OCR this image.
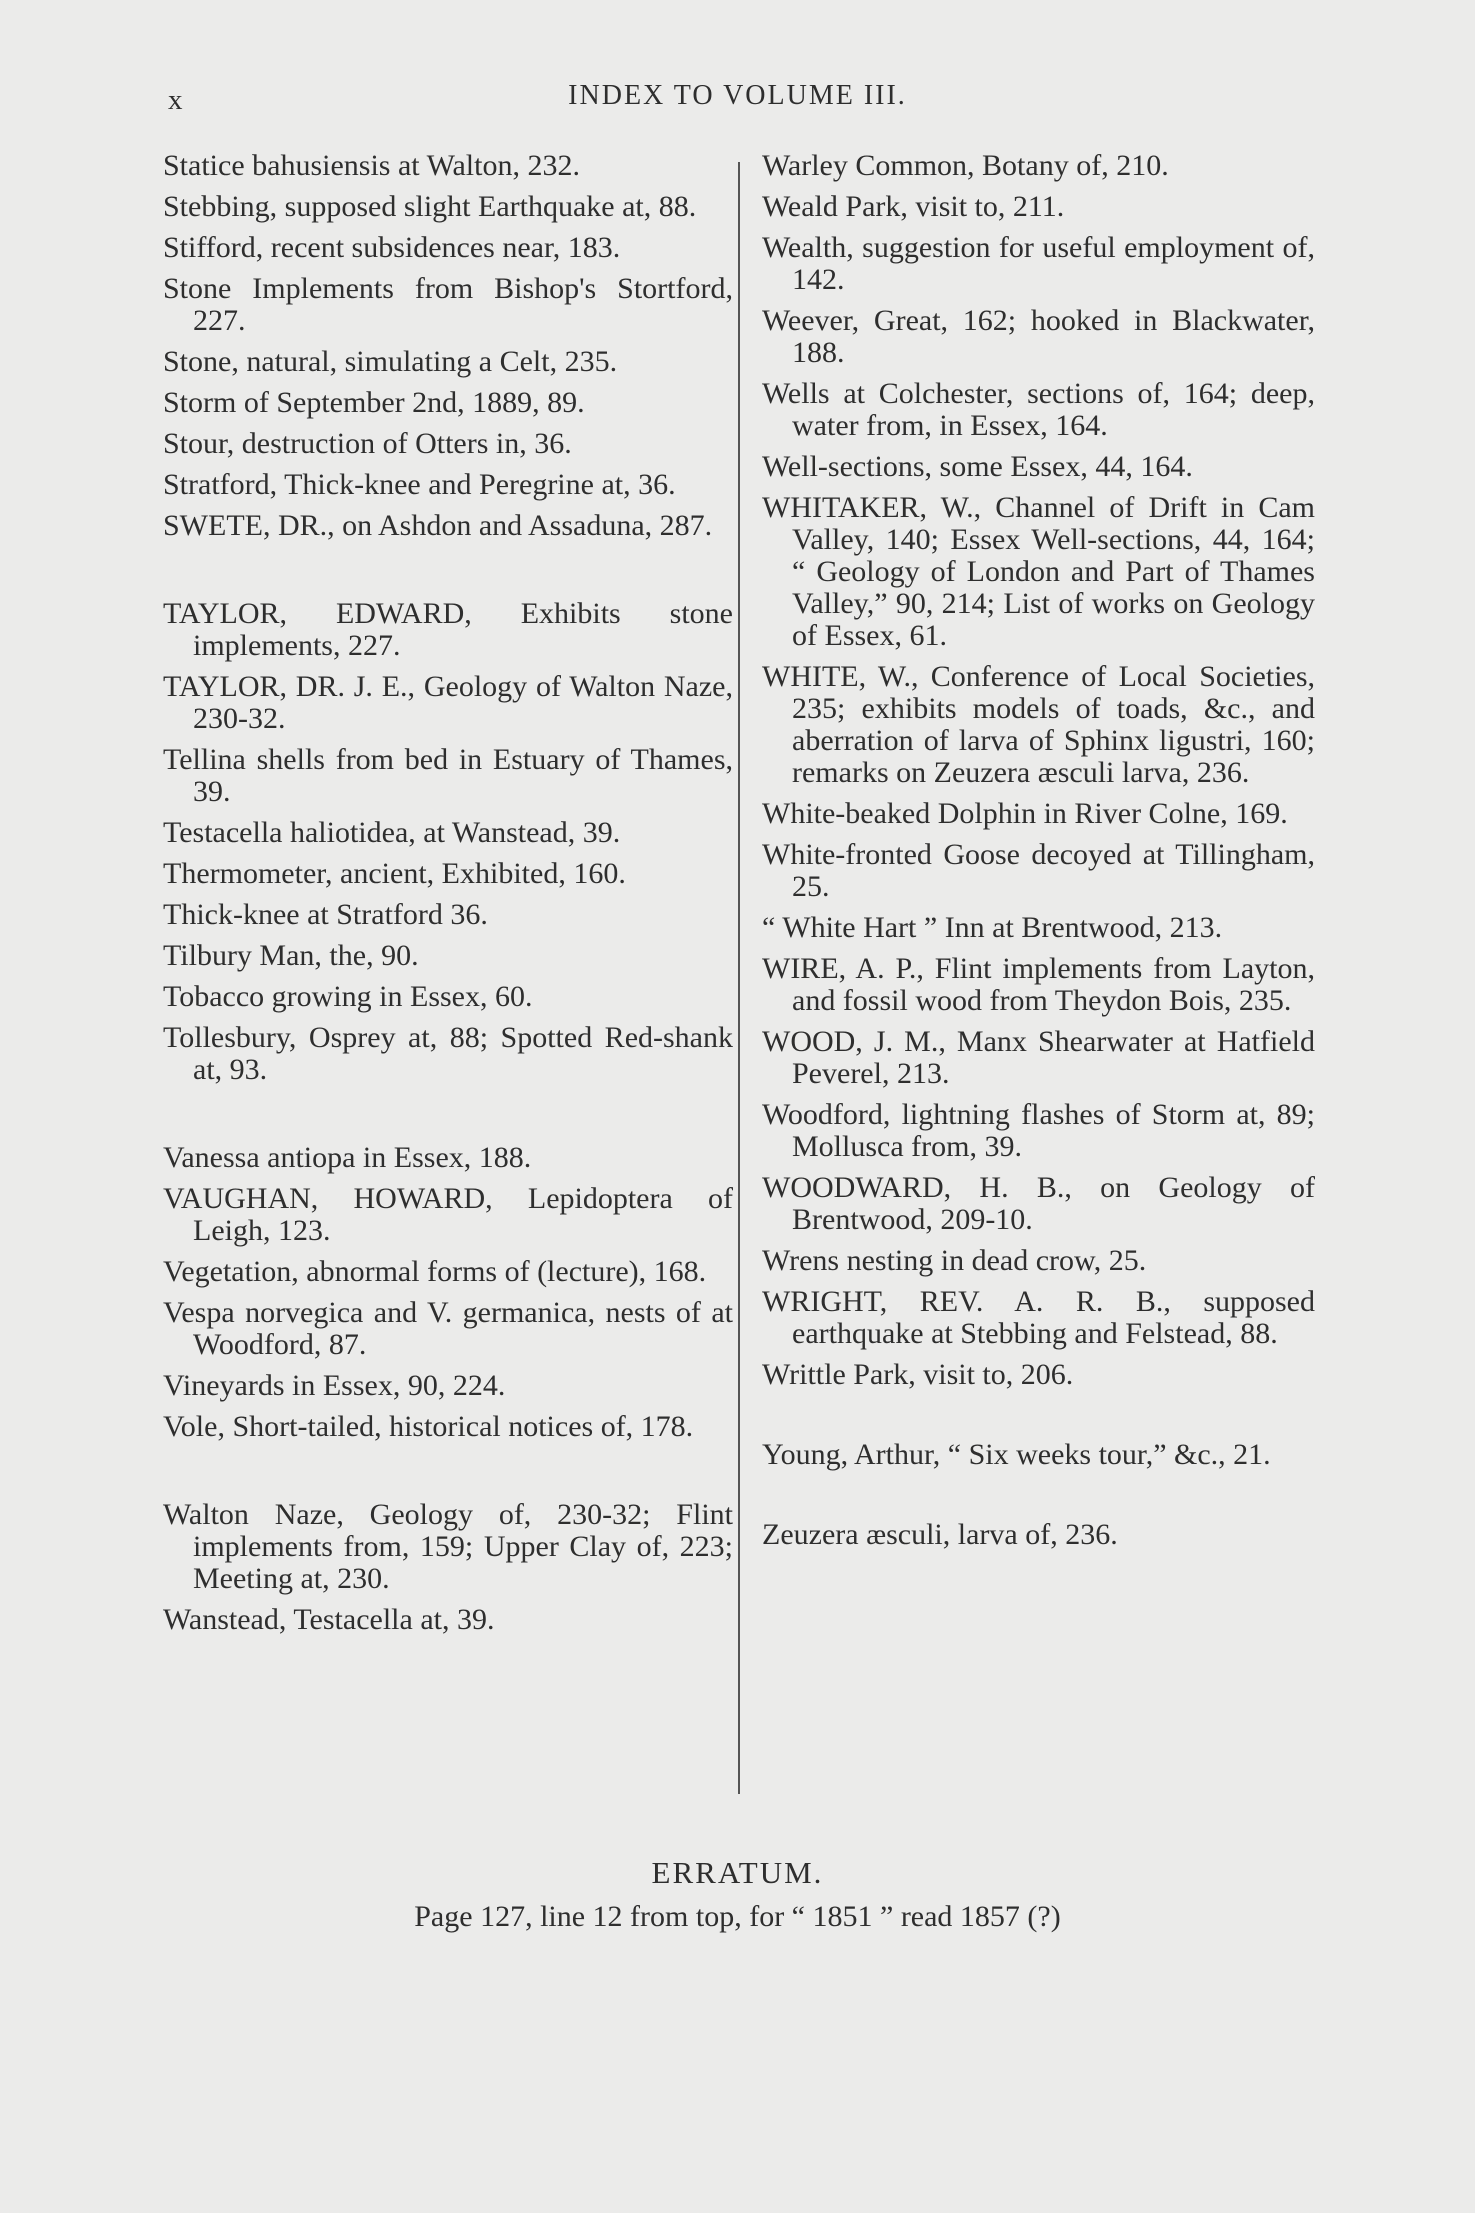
x	INDEX TO VOLUME III.
Statice bahusiensis at Walton, 232.
Stebbing, supposed slight Earthquake at, 88.
Stifford, recent subsidences near, 183.
Stone Implements from Bishop's Stortford, 227.
Stone, natural, simulating a Celt, 235.
Storm of September 2nd, 1889, 89.
Stour, destruction of Otters in, 36.
Stratford, Thick-knee and Peregrine at, 36.
SWETE, DR., on Ashdon and Assaduna, 287.
TAYLOR, EDWARD, Exhibits stone implements, 227.
TAYLOR, DR. J. E., Geology of Walton Naze, 230-32.
Tellina shells from bed in Estuary of Thames, 39.
Testacella haliotidea, at Wanstead, 39.
Thermometer, ancient, Exhibited, 160.
Thick-knee at Stratford 36.
Tilbury Man, the, 90.
Tobacco growing in Essex, 60.
Tollesbury, Osprey at, 88; Spotted Red-shank at, 93.
Vanessa antiopa in Essex, 188.
VAUGHAN, HOWARD, Lepidoptera of Leigh, 123.
Vegetation, abnormal forms of (lecture), 168.
Vespa norvegica and V. germanica, nests of at Woodford, 87.
Vineyards in Essex, 90, 224.
Vole, Short-tailed, historical notices of, 178.
Walton Naze, Geology of, 230-32; Flint implements from, 159; Upper Clay of, 223; Meeting at, 230.
Wanstead, Testacella at, 39.
Warley Common, Botany of, 210.
Weald Park, visit to, 211.
Wealth, suggestion for useful employment of, 142.
Weever, Great, 162; hooked in Blackwater, 188.
Wells at Colchester, sections of, 164; deep, water from, in Essex, 164.
Well-sections, some Essex, 44, 164.
WHITAKER, W., Channel of Drift in Cam Valley, 140; Essex Well-sections, 44, 164; “ Geology of London and Part of Thames Valley,” 90, 214; List of works on Geology of Essex, 61.
WHITE, W., Conference of Local Societies, 235; exhibits models of toads, &c., and aberration of larva of Sphinx ligustri, 160; remarks on Zeuzera æsculi larva, 236.
White-beaked Dolphin in River Colne, 169.
White-fronted Goose decoyed at Tillingham, 25.
“ White Hart ” Inn at Brentwood, 213.
WIRE, A. P., Flint implements from Layton, and fossil wood from Theydon Bois, 235.
WOOD, J. M., Manx Shearwater at Hatfield Peverel, 213.
Woodford, lightning flashes of Storm at, 89; Mollusca from, 39.
WOODWARD, H. B., on Geology of Brentwood, 209-10.
Wrens nesting in dead crow, 25.
WRIGHT, REV. A. R. B., supposed earthquake at Stebbing and Felstead, 88.
Writtle Park, visit to, 206.
Young, Arthur, “ Six weeks tour,” &c., 21.
Zeuzera æsculi, larva of, 236.
ERRATUM.
Page 127, line 12 from top, for “ 1851 ” read 1857 (?)
